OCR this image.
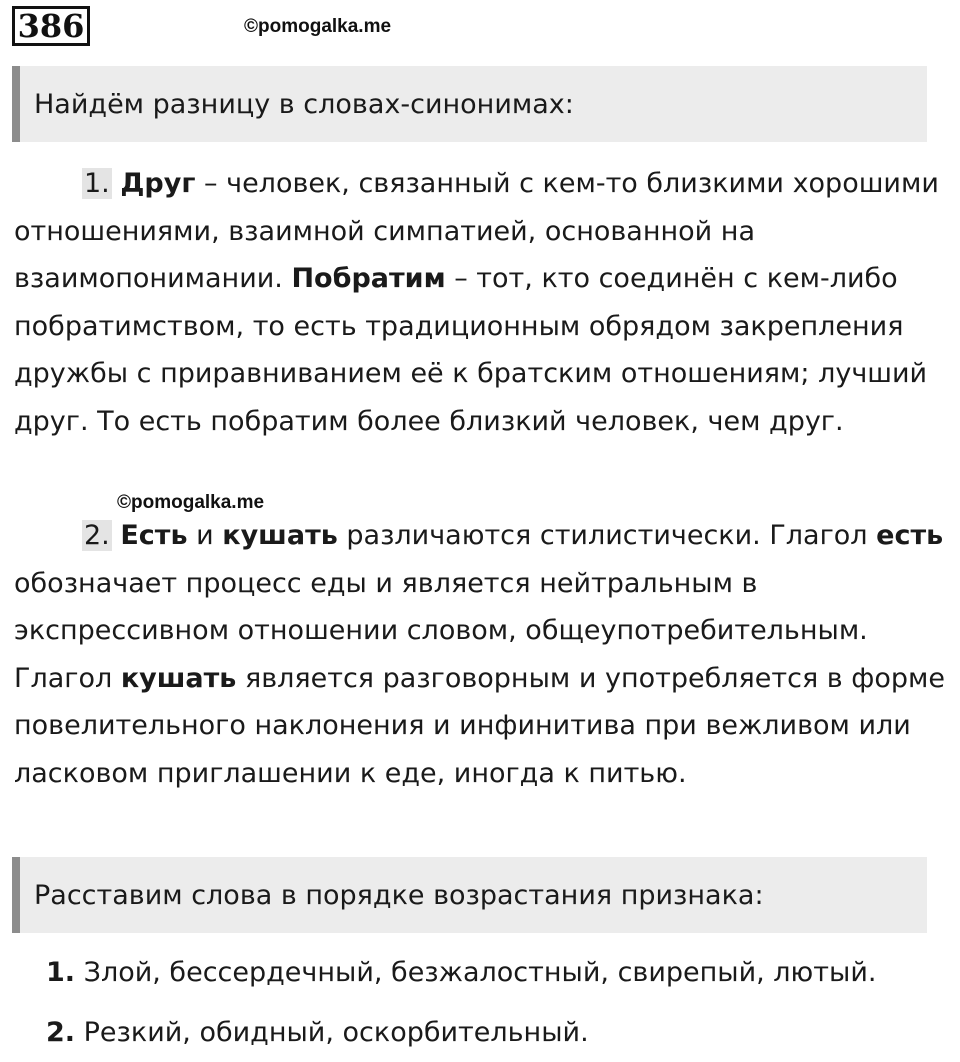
386	©pomogalka.me
Найдём разницу в словах-синонимах:

1. Друг – человек, связанный с кем-то близкими хорошими отношениями, взаимной симпатией, основанной на взаимопонимании. Побратим – тот, кто соединён с кем-либо побратимством, то есть традиционным обрядом закрепления дружбы с приравниванием её к братским отношениям; лучший друг. То есть побратим более близкий человек, чем друг.

©pomogalka.me

2. Есть и кушать различаются стилистически. Глагол есть обозначает процесс еды и является нейтральным в экспрессивном отношении словом, общеупотребительным. Глагол кушать является разговорным и употребляется в форме повелительного наклонения и инфинитива при вежливом или ласковом приглашении к еде, иногда к питью.

Расставим слова в порядке возрастания признака:
1. Злой, бессердечный, безжалостный, свирепый, лютый.
2. Резкий, обидный, оскорбительный.
